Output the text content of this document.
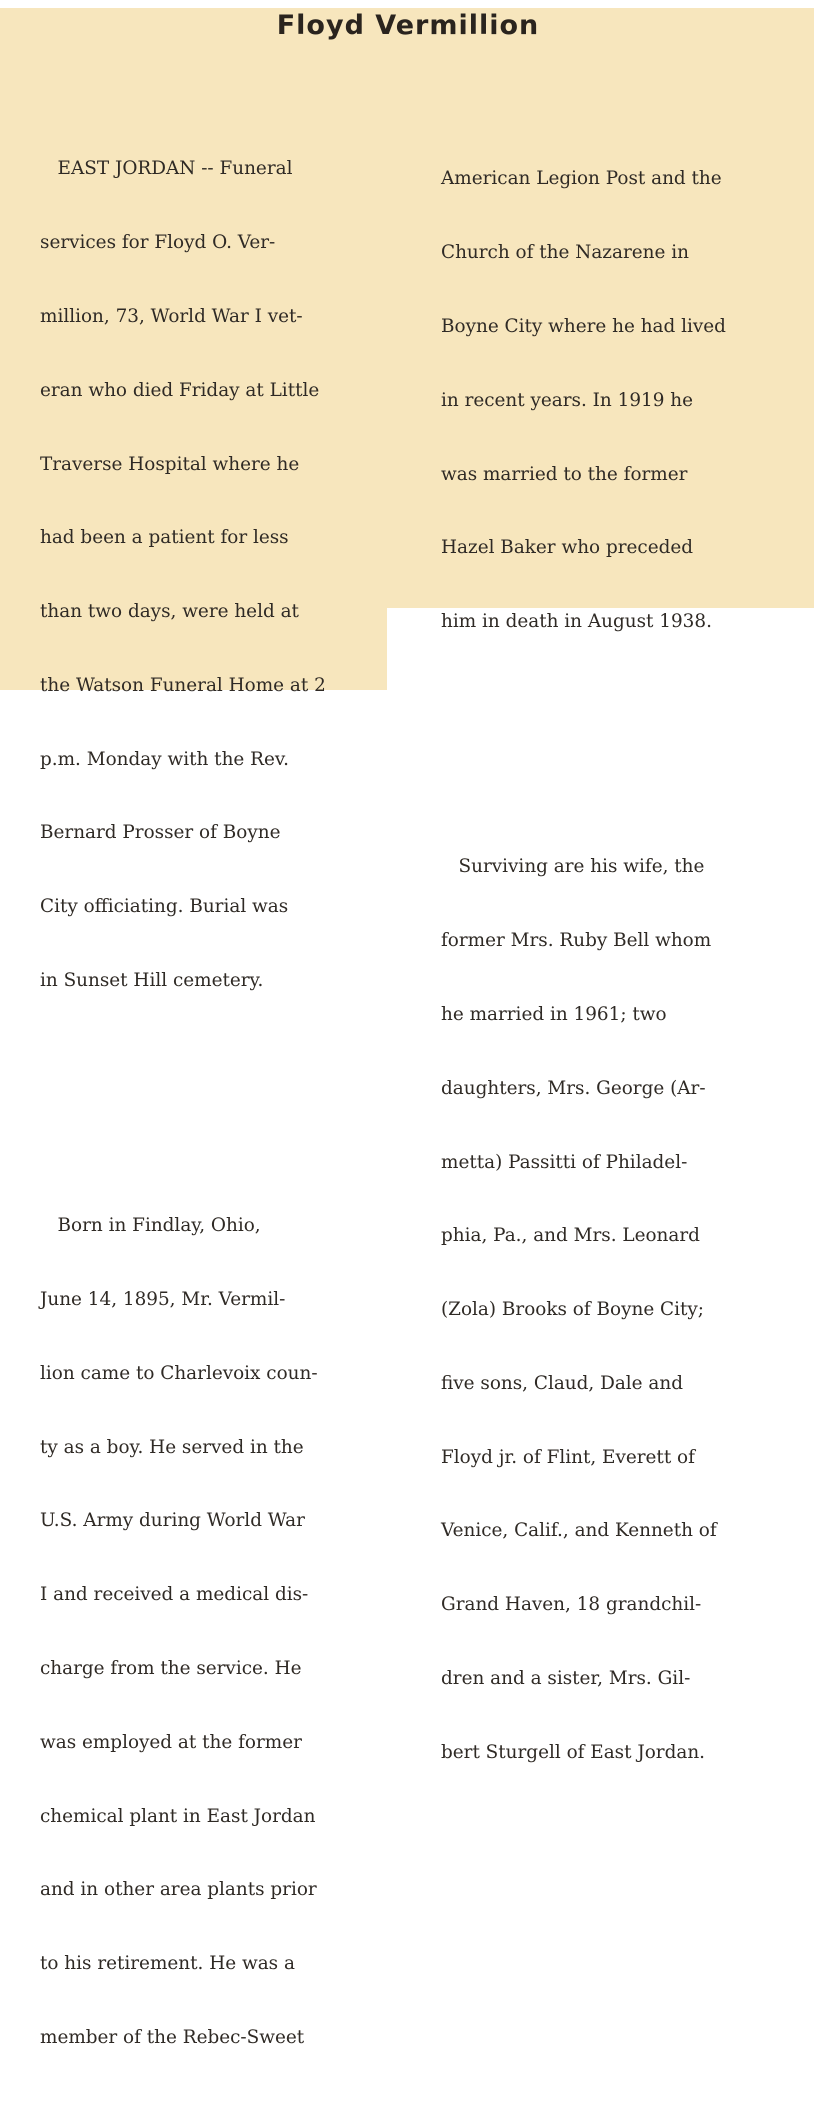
Floyd Vermillion

EAST JORDAN -- Funeral

services for Floyd O. Ver-

million, 73, World War I vet-

eran who died Friday at Little

Traverse Hospital where he

had been a patient for less

than two days, were held at

the Watson Funeral Home at 2

p.m. Monday with the Rev.

Bernard Prosser of Boyne

City officiating. Burial was

in Sunset Hill cemetery.

Born in Findlay, Ohio,

June 14, 1895, Mr. Vermil-

lion came to Charlevoix coun-

ty as a boy. He served in the

U.S. Army during World War

I and received a medical dis-

charge from the service. He

was employed at the former

chemical plant in East Jordan

and in other area plants prior

to his retirement. He was a

member of the Rebec-Sweet

American Legion Post and the

Church of the Nazarene in

Boyne City where he had lived

in recent years. In 1919 he

was married to the former

Hazel Baker who preceded

him in death in August 1938.

Surviving are his wife, the

former Mrs. Ruby Bell whom

he married in 1961; two

daughters, Mrs. George (Ar-

metta) Passitti of Philadel-

phia, Pa., and Mrs. Leonard

(Zola) Brooks of Boyne City;

five sons, Claud, Dale and

Floyd jr. of Flint, Everett of

Venice, Calif., and Kenneth of

Grand Haven, 18 grandchil-

dren and a sister, Mrs. Gil-

bert Sturgell of East Jordan.
